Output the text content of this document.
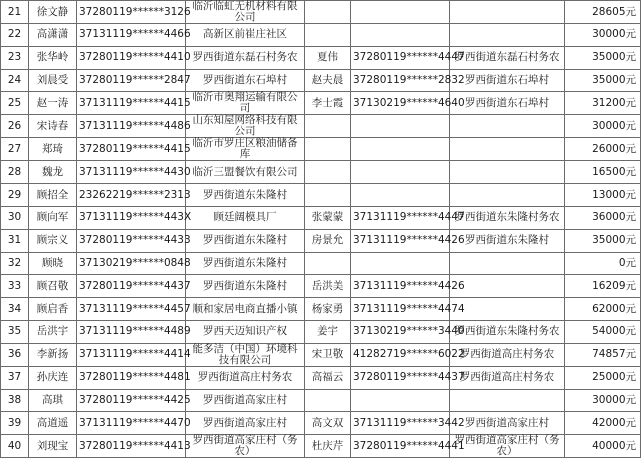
21	徐文静	37280119******3126	临沂临虹无机材料有限公司				28605元
22	高潇潇	37131119******4466	高新区前崔庄社区				30000元
23	张华岭	37280119******4410	罗西街道东磊石村务农	夏伟	37280119******4447	罗西街道东磊石村务农	35000元
24	刘晨受	37280119******2847	罗西街道东石埠村	赵夫晨	37280119******2832	罗西街道东石埠村	35000元
25	赵一涛	37131119******4415	临沂市奥翔运输有限公司	李士霞	37130219******4640	罗西街道东石埠村	31200元
26	宋诗春	37131119******4486	山东知屋网络科技有限公司				30000元
27	郑琦	37280119******4415	临沂市罗庄区粮油储备库				26000元
28	魏龙	37131119******4430	临沂三盟餐饮有限公司				16500元
29	顾招全	23262219******2313	罗西街道东朱隆村				13000元
30	顾向军	37131119******443X	顾廷阔模具厂	张蒙蒙	37131119******4447	罗西街道东朱隆村务农	36000元
31	顾宗义	37280119******4433	罗西街道东朱隆村	房景允	37131119******4426	罗西街道东朱隆村	35000元
32	顾晓	37130219******0848	罗西街道东朱隆村				0元
33	顾召敬	37280119******4437	罗西街道东朱隆村	岳洪美	37131119******4426		16209元
34	顾启香	37131119******4457	顺和家居电商直播小镇	杨家勇	37131119******4474		62000元
35	岳洪宇	37131119******4489	罗西天迈知识产权	姜宇	37130219******3440	罗西街道东朱隆村务农	54000元
36	李新扬	37131119******4414	能多洁（中国）环境科技有限公司	宋卫敬	41282719******6022	罗西街道高庄村务农	74857元
37	孙庆连	37280119******4481	罗西街道高庄村务农	高福云	37280119******4437	罗西街道高庄村务农	25000元
38	高琪	37280119******4425	罗西街道高家庄村				30000元
39	高道遥	37131119******4470	罗西街道高家庄村	高文双	37131119******3442	罗西街道高家庄村	42000元
40	刘现宝	37280119******4413	罗西街道高家庄村（务农）	杜庆芹	37280119******4441	罗西街道高家庄村（务农）	40000元
